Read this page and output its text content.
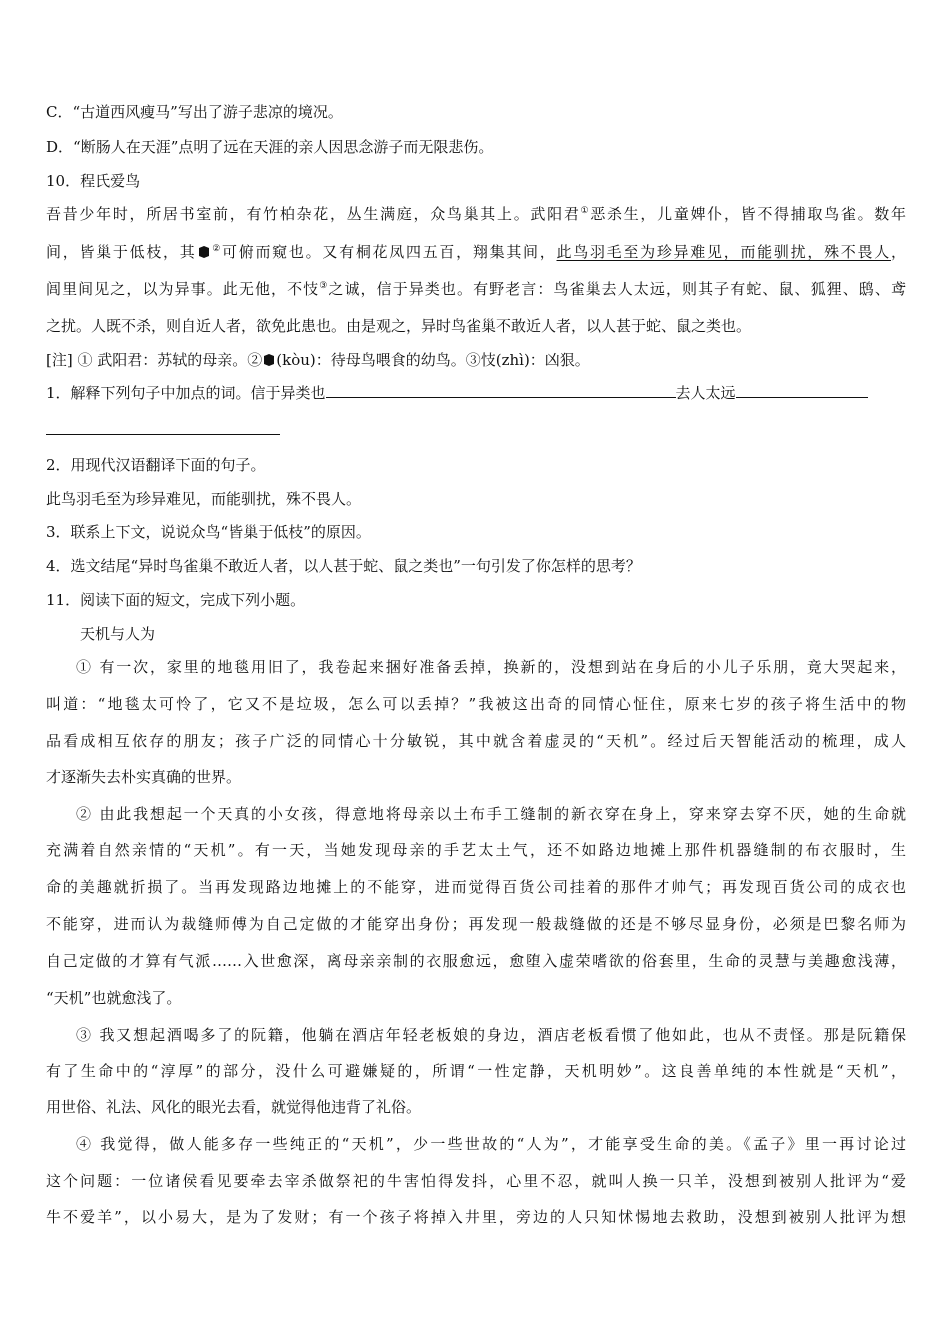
C．“古道西风瘦马”写出了游子悲凉的境况。
D．“断肠人在天涯”点明了远在天涯的亲人因思念游子而无限悲伤。
10．程氏爱鸟
吾昔少年时，所居书室前，有竹柏杂花，丛生满庭，众鸟巢其上。武阳君①恶杀生，儿童婢仆，皆不得捕取鸟雀。数年
间，皆巢于低枝，其 ②可俯而窥也。又有桐花凤四五百，翔集其间，此鸟羽毛至为珍异难见，而能驯扰，殊不畏人，
闾里间见之，以为异事。此无他，不忮③之诚，信于异类也。有野老言：鸟雀巢去人太远，则其子有蛇、鼠、狐狸、鸱、鸢
之扰。人既不杀，则自近人者，欲免此患也。由是观之，异时鸟雀巢不敢近人者，以人甚于蛇、鼠之类也。
[注] ① 武阳君：苏轼的母亲。② (kòu)：待母鸟喂食的幼鸟。③忮(zhì)：凶狠。
1．解释下列句子中加点的词。信于异类也	去人太远
2．用现代汉语翻译下面的句子。
此鸟羽毛至为珍异难见，而能驯扰，殊不畏人。
3．联系上下文，说说众鸟“皆巢于低枝”的原因。
4．选文结尾“异时鸟雀巢不敢近人者，以人甚于蛇、鼠之类也”一句引发了你怎样的思考？
11．阅读下面的短文，完成下列小题。
天机与人为
① 有一次，家里的地毯用旧了，我卷起来捆好准备丢掉，换新的，没想到站在身后的小儿子乐朋，竟大哭起来，
叫道：“地毯太可怜了，它又不是垃圾，怎么可以丢掉？”我被这出奇的同情心怔住，原来七岁的孩子将生活中的物
品看成相互依存的朋友；孩子广泛的同情心十分敏锐，其中就含着虚灵的“天机”。经过后天智能活动的梳理，成人
才逐渐失去朴实真确的世界。
② 由此我想起一个天真的小女孩，得意地将母亲以土布手工缝制的新衣穿在身上，穿来穿去穿不厌，她的生命就
充满着自然亲情的“天机”。有一天，当她发现母亲的手艺太土气，还不如路边地摊上那件机器缝制的布衣服时，生
命的美趣就折损了。当再发现路边地摊上的不能穿，进而觉得百货公司挂着的那件才帅气；再发现百货公司的成衣也
不能穿，进而认为裁缝师傅为自己定做的才能穿出身份；再发现一般裁缝做的还是不够尽显身份，必须是巴黎名师为
自己定做的才算有气派……入世愈深，离母亲亲制的衣服愈远，愈堕入虚荣嗜欲的俗套里，生命的灵慧与美趣愈浅薄，
“天机”也就愈浅了。
③ 我又想起酒喝多了的阮籍，他躺在酒店年轻老板娘的身边，酒店老板看惯了他如此，也从不责怪。那是阮籍保
有了生命中的“淳厚”的部分，没什么可避嫌疑的，所谓“一性定静，天机明妙”。这良善单纯的本性就是“天机”，
用世俗、礼法、风化的眼光去看，就觉得他违背了礼俗。
④ 我觉得，做人能多存一些纯正的“天机”，少一些世故的“人为”，才能享受生命的美。《孟子》里一再讨论过
这个问题：一位诸侯看见要牵去宰杀做祭祀的牛害怕得发抖，心里不忍，就叫人换一只羊，没想到被别人批评为“爱
牛不爱羊”，以小易大，是为了发财；有一个孩子将掉入井里，旁边的人只知怵惕地去救助，没想到被别人批评为想
